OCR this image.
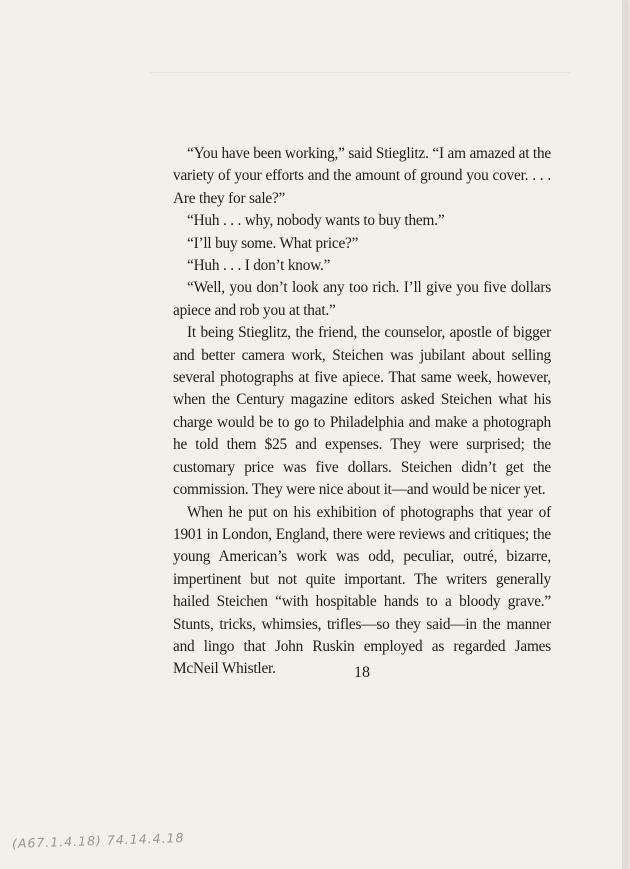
“You have been working,” said Stieglitz. “I am amazed at the variety of your efforts and the amount of ground you cover. . . . Are they for sale?”

“Huh . . . why, nobody wants to buy them.”

“I’ll buy some. What price?”

“Huh . . . I don’t know.”

“Well, you don’t look any too rich. I’ll give you five dollars apiece and rob you at that.”

It being Stieglitz, the friend, the counselor, apostle of bigger and better camera work, Steichen was jubilant about selling several photographs at five apiece. That same week, however, when the Century magazine editors asked Steichen what his charge would be to go to Philadelphia and make a photograph he told them $25 and expenses. They were surprised; the customary price was five dollars. Steichen didn’t get the commission. They were nice about it—and would be nicer yet.

When he put on his exhibition of photographs that year of 1901 in London, England, there were reviews and critiques; the young American’s work was odd, peculiar, outré, bizarre, impertinent but not quite important. The writers generally hailed Steichen “with hospitable hands to a bloody grave.” Stunts, tricks, whimsies, trifles—so they said—in the manner and lingo that John Ruskin employed as regarded James McNeil Whistler.	18
(A67.1.4.18) 74.14.4.18
